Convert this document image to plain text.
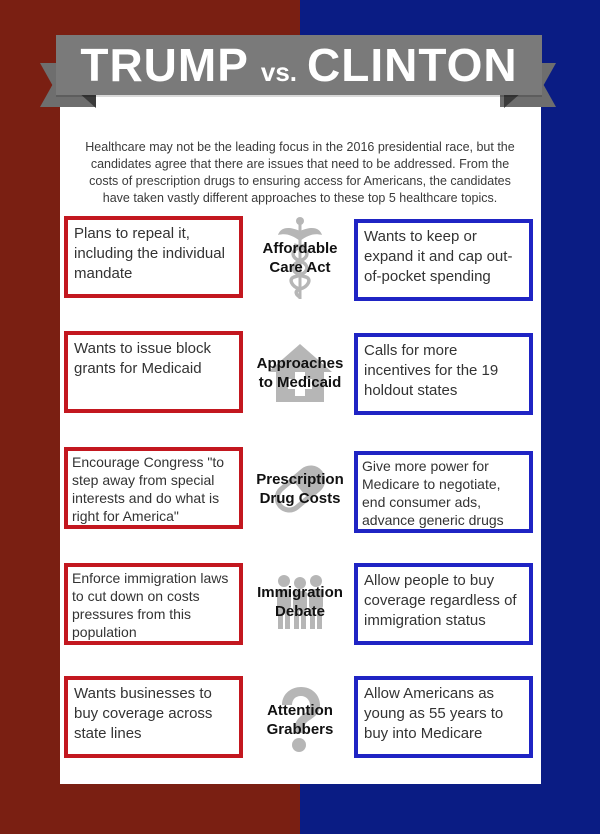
TRUMP vs. CLINTON

Healthcare may not be the leading focus in the 2016 presidential race, but the candidates agree that there are issues that need to be addressed. From the costs of prescription drugs to ensuring access for Americans, the candidates have taken vastly different approaches to these top 5 healthcare topics.

Plans to repeal it, including the individual mandate
Affordable Care Act
Wants to keep or expand it and cap out-of-pocket spending
Wants to issue block grants for Medicaid	Approaches to Medicaid
Calls for more incentives for the 19 holdout states
Encourage Congress "to step away from special interests and do what is right for America"
Prescription Drug Costs
Give more power for Medicare to negotiate, end consumer ads, advance generic drugs
Enforce immigration laws to cut down on costs pressures from this population
Immigration Debate
Allow people to buy coverage regardless of immigration status
Wants businesses to buy coverage across state lines
Attention Grabbers
Allow Americans as young as 55 years to buy into Medicare
